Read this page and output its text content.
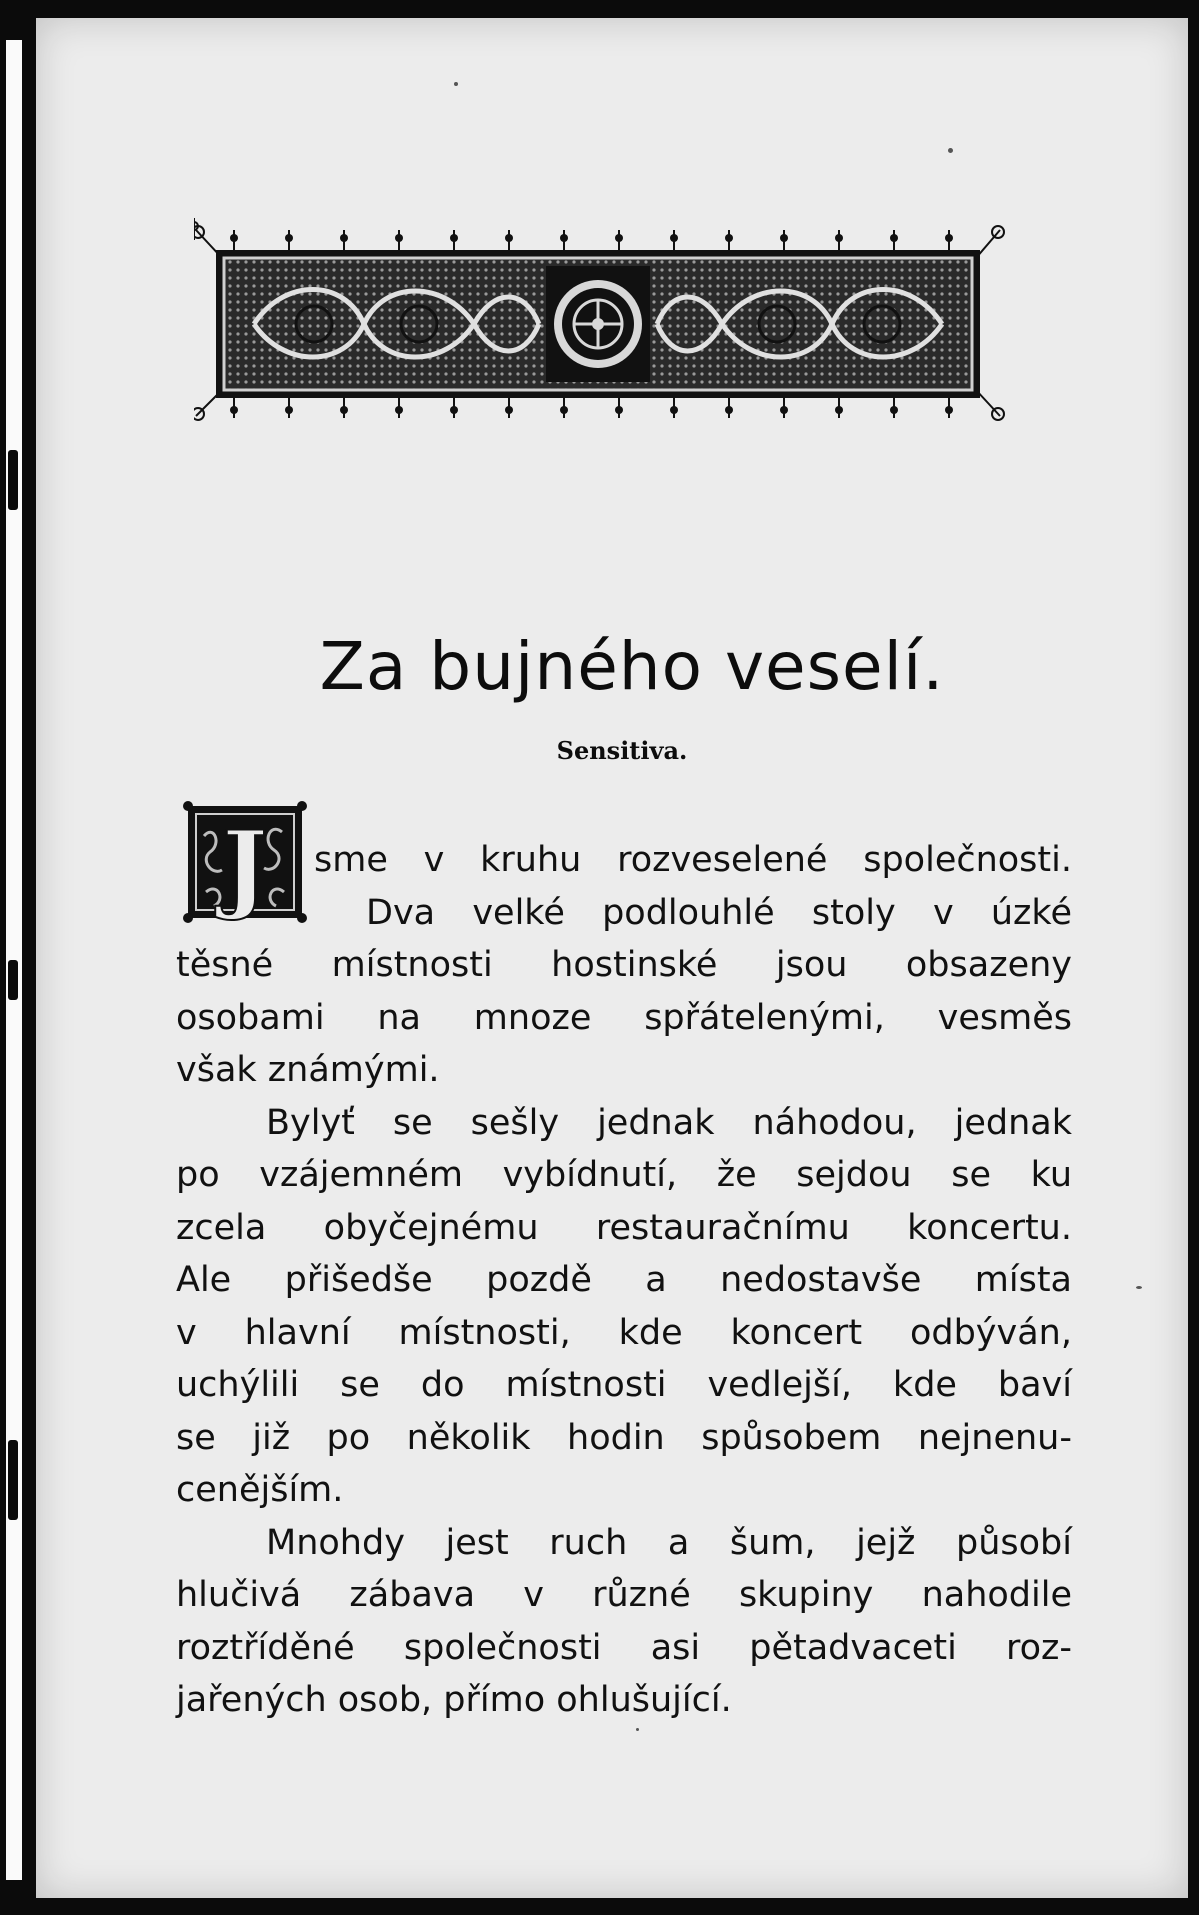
Za bujného veselí.
Sensitiva.
J	sme v kruhu rozveselené společnosti.
Dva velké podlouhlé stoly v úzké
těsné místnosti hostinské jsou obsazeny
osobami na mnoze spřátelenými, vesměs
však známými.

Bylyť se sešly jednak náhodou, jednak
po vzájemném vybídnutí, že sejdou se ku
zcela obyčejnému restauračnímu koncertu.
Ale přišedše pozdě a nedostavše místa
v hlavní místnosti, kde koncert odbýván,
uchýlili se do místnosti vedlejší, kde baví
se již po několik hodin spůsobem nejnenu-
cenějším.

Mnohdy jest ruch a šum, jejž působí
hlučivá zábava v různé skupiny nahodile
roztříděné společnosti asi pětadvaceti roz-
jařených osob, přímo ohlušující.
